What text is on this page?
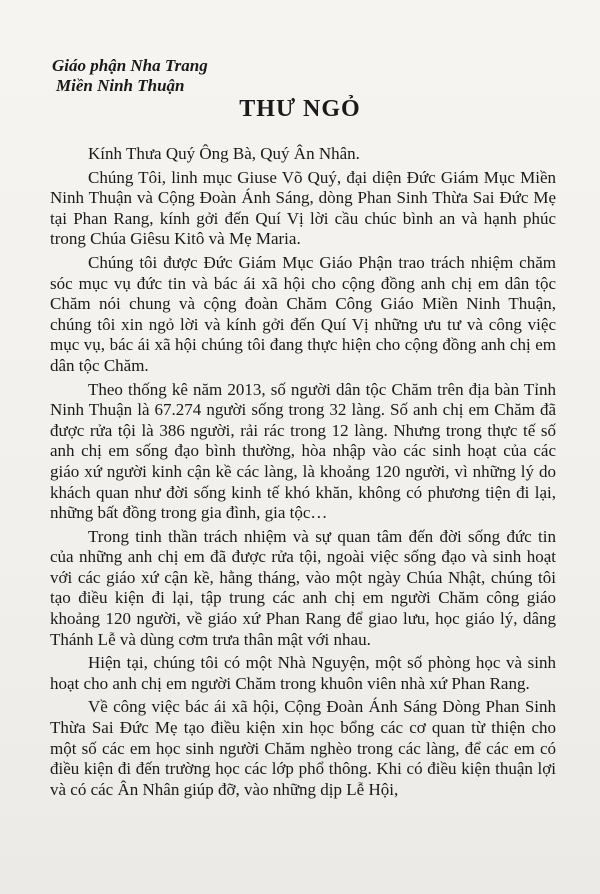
Giáo phận Nha Trang
Miền Ninh Thuận
THƯ NGỎ

Kính Thưa Quý Ông Bà, Quý Ân Nhân.

Chúng Tôi, linh mục Giuse Võ Quý, đại diện Đức Giám Mục Miền Ninh Thuận và Cộng Đoàn Ánh Sáng, dòng Phan Sinh Thừa Sai Đức Mẹ tại Phan Rang, kính gởi đến Quí Vị lời cầu chúc bình an và hạnh phúc trong Chúa Giêsu Kitô và Mẹ Maria.

Chúng tôi được Đức Giám Mục Giáo Phận trao trách nhiệm chăm sóc mục vụ đức tin và bác ái xã hội cho cộng đồng anh chị em dân tộc Chăm nói chung và cộng đoàn Chăm Công Giáo Miền Ninh Thuận, chúng tôi xin ngỏ lời và kính gởi đến Quí Vị những ưu tư và công việc mục vụ, bác ái xã hội chúng tôi đang thực hiện cho cộng đồng anh chị em dân tộc Chăm.

Theo thống kê năm 2013, số người dân tộc Chăm trên địa bàn Tỉnh Ninh Thuận là 67.274 người sống trong 32 làng. Số anh chị em Chăm đã được rửa tội là 386 người, rải rác trong 12 làng. Nhưng trong thực tế số anh chị em sống đạo bình thường, hòa nhập vào các sinh hoạt của các giáo xứ người kinh cận kề các làng, là khoảng 120 người, vì những lý do khách quan như đời sống kinh tế khó khăn, không có phương tiện đi lại, những bất đồng trong gia đình, gia tộc…

Trong tinh thần trách nhiệm và sự quan tâm đến đời sống đức tin của những anh chị em đã được rửa tội, ngoài việc sống đạo và sinh hoạt với các giáo xứ cận kề, hằng tháng, vào một ngày Chúa Nhật, chúng tôi tạo điều kiện đi lại, tập trung các anh chị em người Chăm công giáo khoảng 120 người, về giáo xứ Phan Rang để giao lưu, học giáo lý, dâng Thánh Lễ và dùng cơm trưa thân mật với nhau.

Hiện tại, chúng tôi có một Nhà Nguyện, một số phòng học và sinh hoạt cho anh chị em người Chăm trong khuôn viên nhà xứ Phan Rang.

Về công việc bác ái xã hội, Cộng Đoàn Ánh Sáng Dòng Phan Sinh Thừa Sai Đức Mẹ tạo điều kiện xin học bổng các cơ quan từ thiện cho một số các em học sinh người Chăm nghèo trong các làng, để các em có điều kiện đi đến trường học các lớp phổ thông. Khi có điều kiện thuận lợi và có các Ân Nhân giúp đỡ, vào những dịp Lễ Hội,
